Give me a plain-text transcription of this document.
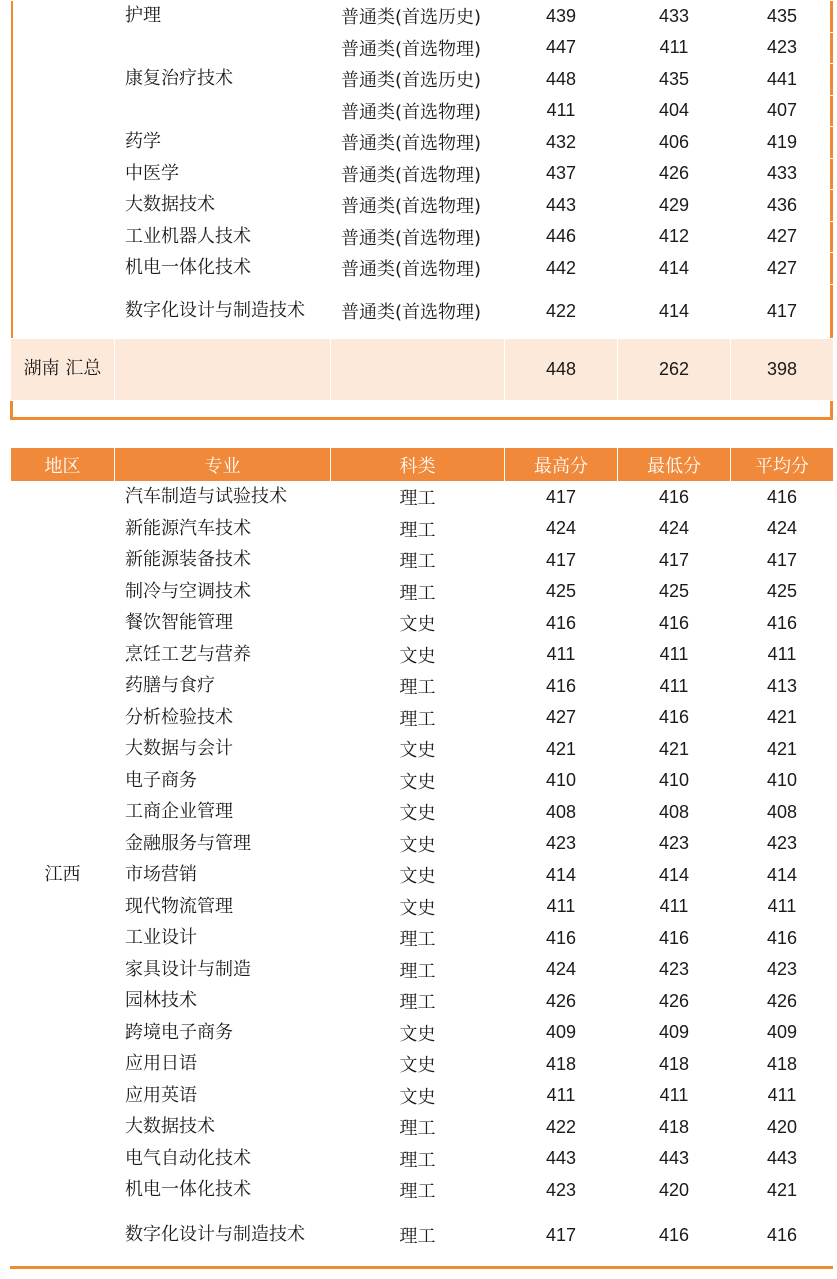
	护理	普通类(首选历史)	439	433	435
		普通类(首选物理)	447	411	423
	康复治疗技术	普通类(首选历史)	448	435	441
		普通类(首选物理)	411	404	407
	药学	普通类(首选物理)	432	406	419
	中医学	普通类(首选物理)	437	426	433
	大数据技术	普通类(首选物理)	443	429	436
	工业机器人技术	普通类(首选物理)	446	412	427
	机电一体化技术	普通类(首选物理)	442	414	427
	数字化设计与制造技术	普通类(首选物理)	422	414	417
湖南 汇总			448	262	398
地区	专业	科类	最高分	最低分	平均分
江西	汽车制造与试验技术	理工	417	416	416
	新能源汽车技术	理工	424	424	424
	新能源装备技术	理工	417	417	417
	制冷与空调技术	理工	425	425	425
	餐饮智能管理	文史	416	416	416
	烹饪工艺与营养	文史	411	411	411
	药膳与食疗	理工	416	411	413
	分析检验技术	理工	427	416	421
	大数据与会计	文史	421	421	421
	电子商务	文史	410	410	410
	工商企业管理	文史	408	408	408
	金融服务与管理	文史	423	423	423
	市场营销	文史	414	414	414
	现代物流管理	文史	411	411	411
	工业设计	理工	416	416	416
	家具设计与制造	理工	424	423	423
	园林技术	理工	426	426	426
	跨境电子商务	文史	409	409	409
	应用日语	文史	418	418	418
	应用英语	文史	411	411	411
	大数据技术	理工	422	418	420
	电气自动化技术	理工	443	443	443
	机电一体化技术	理工	423	420	421
	数字化设计与制造技术	理工	417	416	416
